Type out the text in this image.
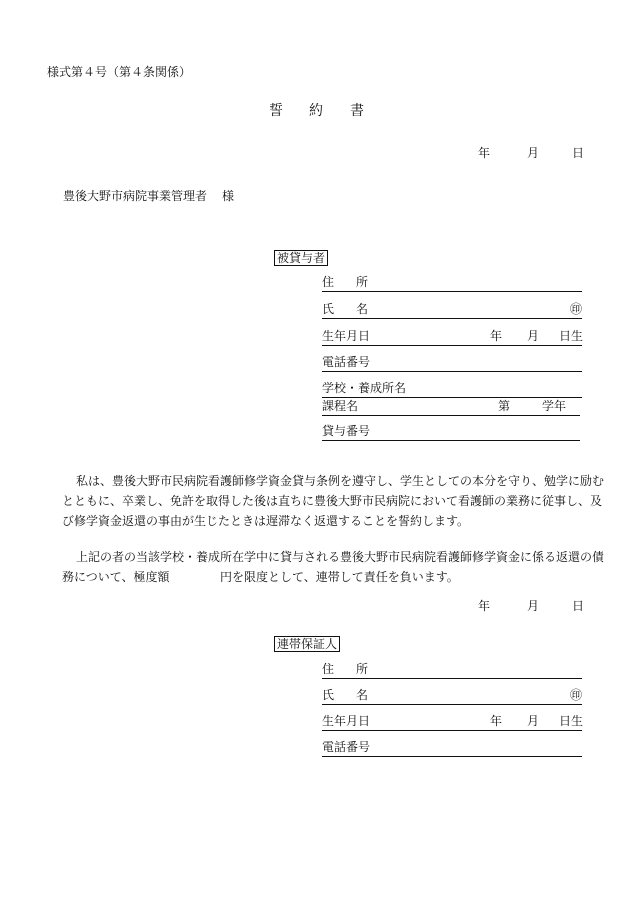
様式第４号（第４条関係）
誓 約 書
年	月	日
豊後大野市病院事業管理者 様
被貸与者
住 所
氏 名	㊞
生年月日	年 月 日生
電話番号
学校・養成所名
課程名	第	学年
貸与番号
私は、豊後大野市民病院看護師修学資金貸与条例を遵守し、学生としての本分を守り、勉学に励む
とともに、卒業し、免許を取得した後は直ちに豊後大野市民病院において看護師の業務に従事し、及
び修学資金返還の事由が生じたときは遅滞なく返還することを誓約します。
上記の者の当該学校・養成所在学中に貸与される豊後大野市民病院看護師修学資金に係る返還の債
務について、極度額	円を限度として、連帯して責任を負います。
年	月	日
連帯保証人
住 所
氏 名	㊞
生年月日	年 月 日生
電話番号
